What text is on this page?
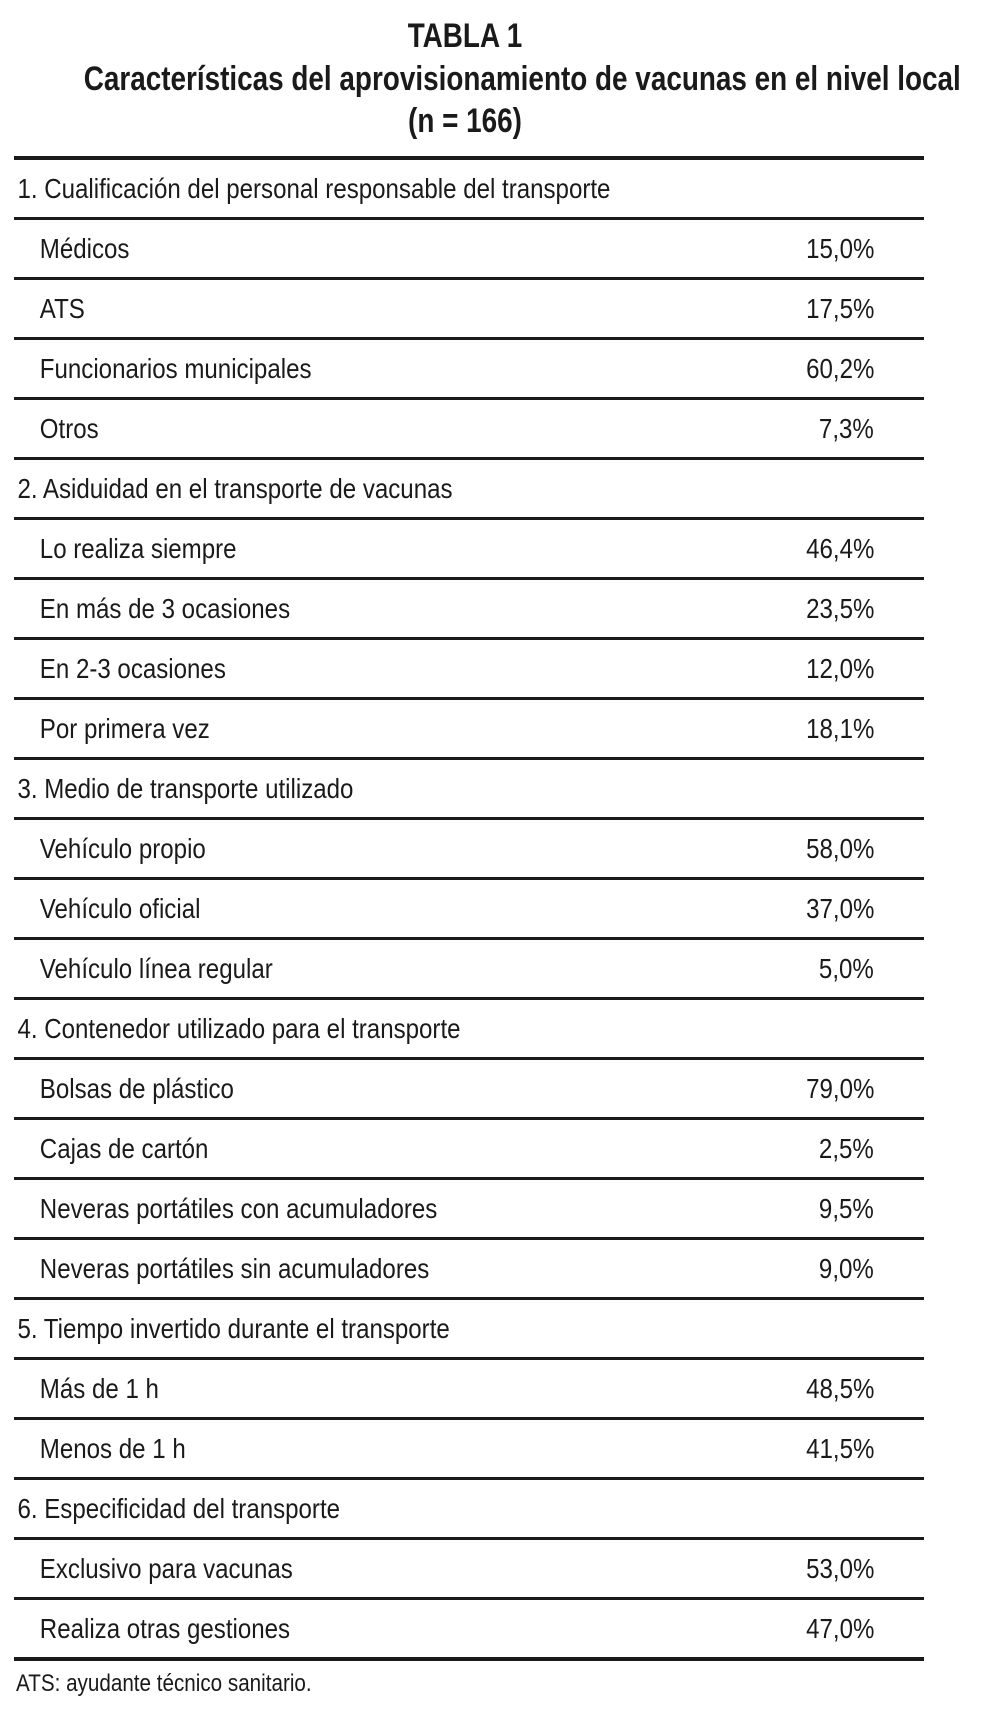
TABLA 1
Características del aprovisionamiento de vacunas en el nivel local
(n = 166)
1. Cualificación del personal responsable del transporte
Médicos	15,0%
ATS	17,5%
Funcionarios municipales	60,2%
Otros	7,3%
2. Asiduidad en el transporte de vacunas
Lo realiza siempre	46,4%
En más de 3 ocasiones	23,5%
En 2-3 ocasiones	12,0%
Por primera vez	18,1%
3. Medio de transporte utilizado
Vehículo propio	58,0%
Vehículo oficial	37,0%
Vehículo línea regular	5,0%
4. Contenedor utilizado para el transporte
Bolsas de plástico	79,0%
Cajas de cartón	2,5%
Neveras portátiles con acumuladores	9,5%
Neveras portátiles sin acumuladores	9,0%
5. Tiempo invertido durante el transporte
Más de 1 h	48,5%
Menos de 1 h	41,5%
6. Especificidad del transporte
Exclusivo para vacunas	53,0%
Realiza otras gestiones	47,0%
ATS: ayudante técnico sanitario.
